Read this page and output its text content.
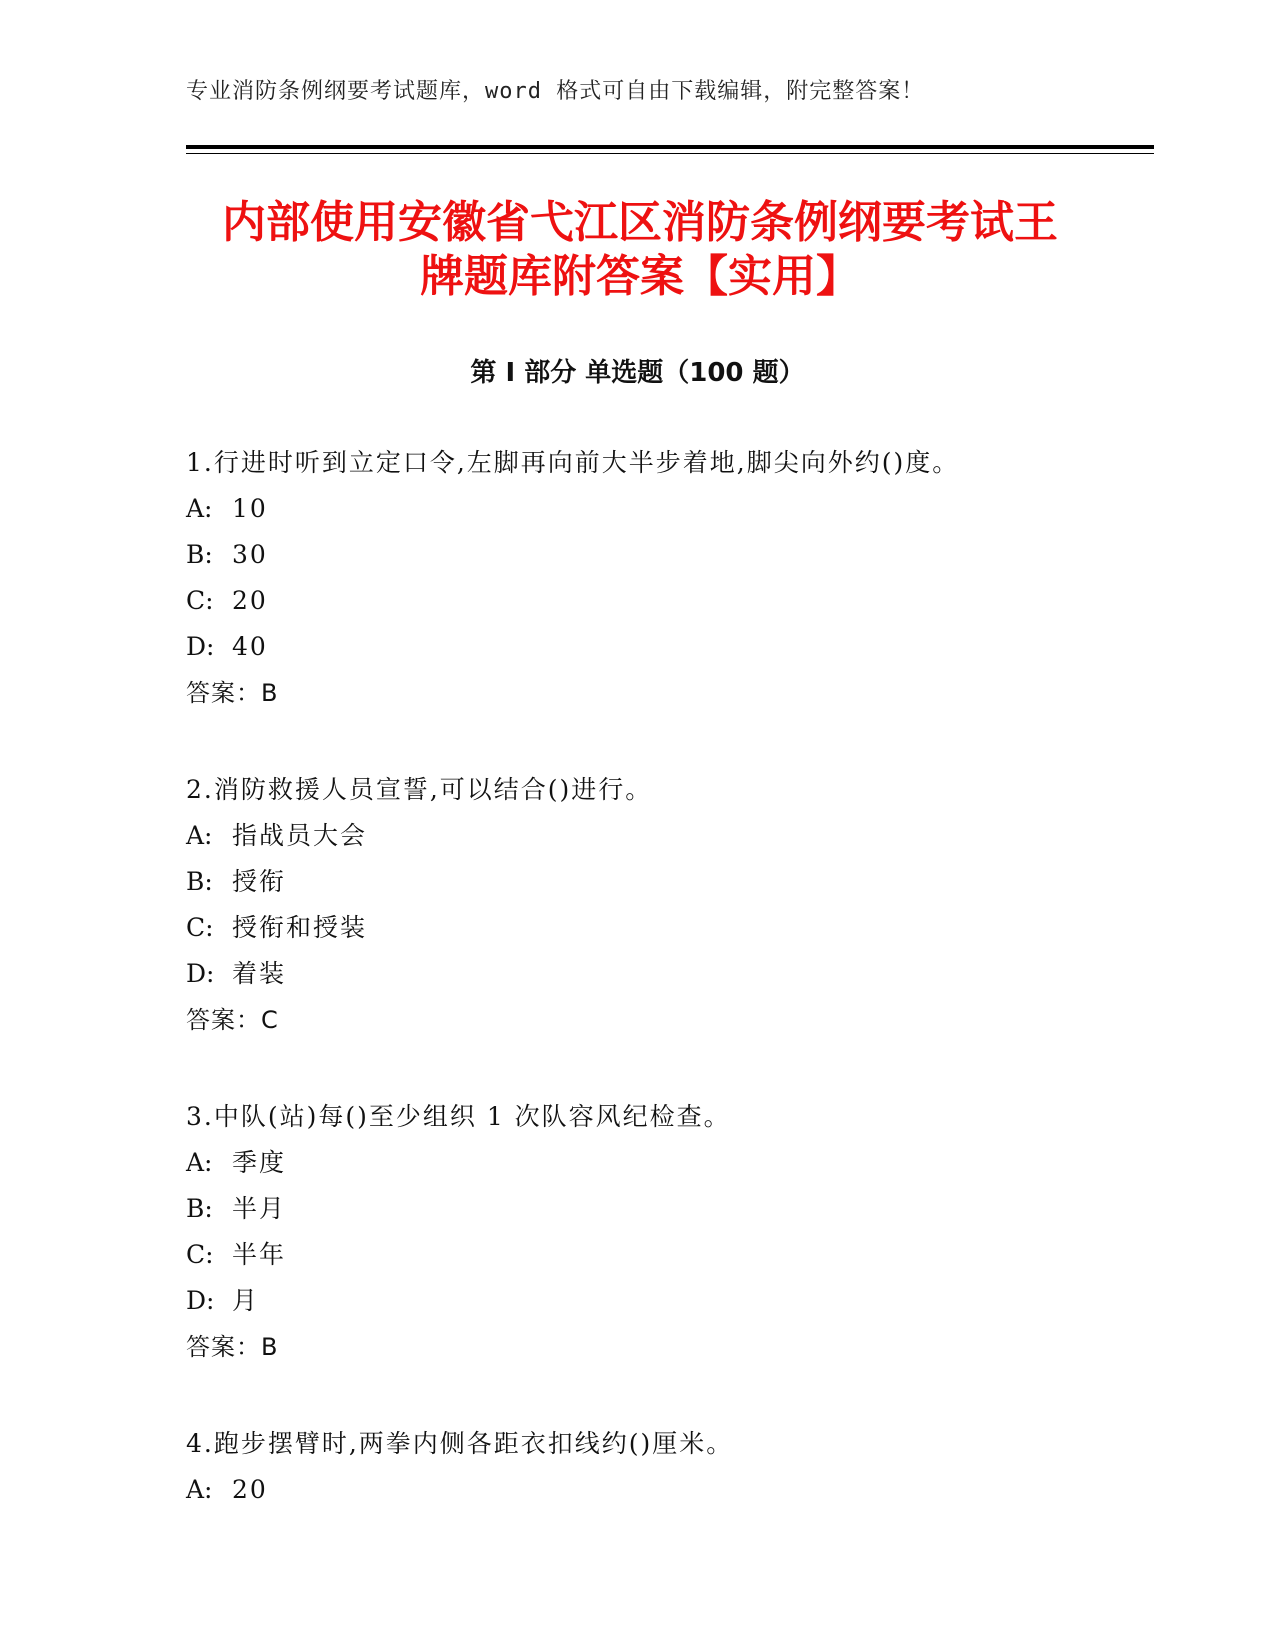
专业消防条例纲要考试题库，word 格式可自由下载编辑，附完整答案！
内部使用安徽省弋江区消防条例纲要考试王
牌题库附答案【实用】
第 I 部分 单选题（100 题）
1.行进时听到立定口令,左脚再向前大半步着地,脚尖向外约()度。
A: 10
B: 30
C: 20
D: 40
答案：B
2.消防救援人员宣誓,可以结合()进行。
A: 指战员大会
B: 授衔
C: 授衔和授装
D: 着装
答案：C
3.中队(站)每()至少组织 1 次队容风纪检查。
A: 季度
B: 半月
C: 半年
D: 月
答案：B
4.跑步摆臂时,两拳内侧各距衣扣线约()厘米。
A: 20
